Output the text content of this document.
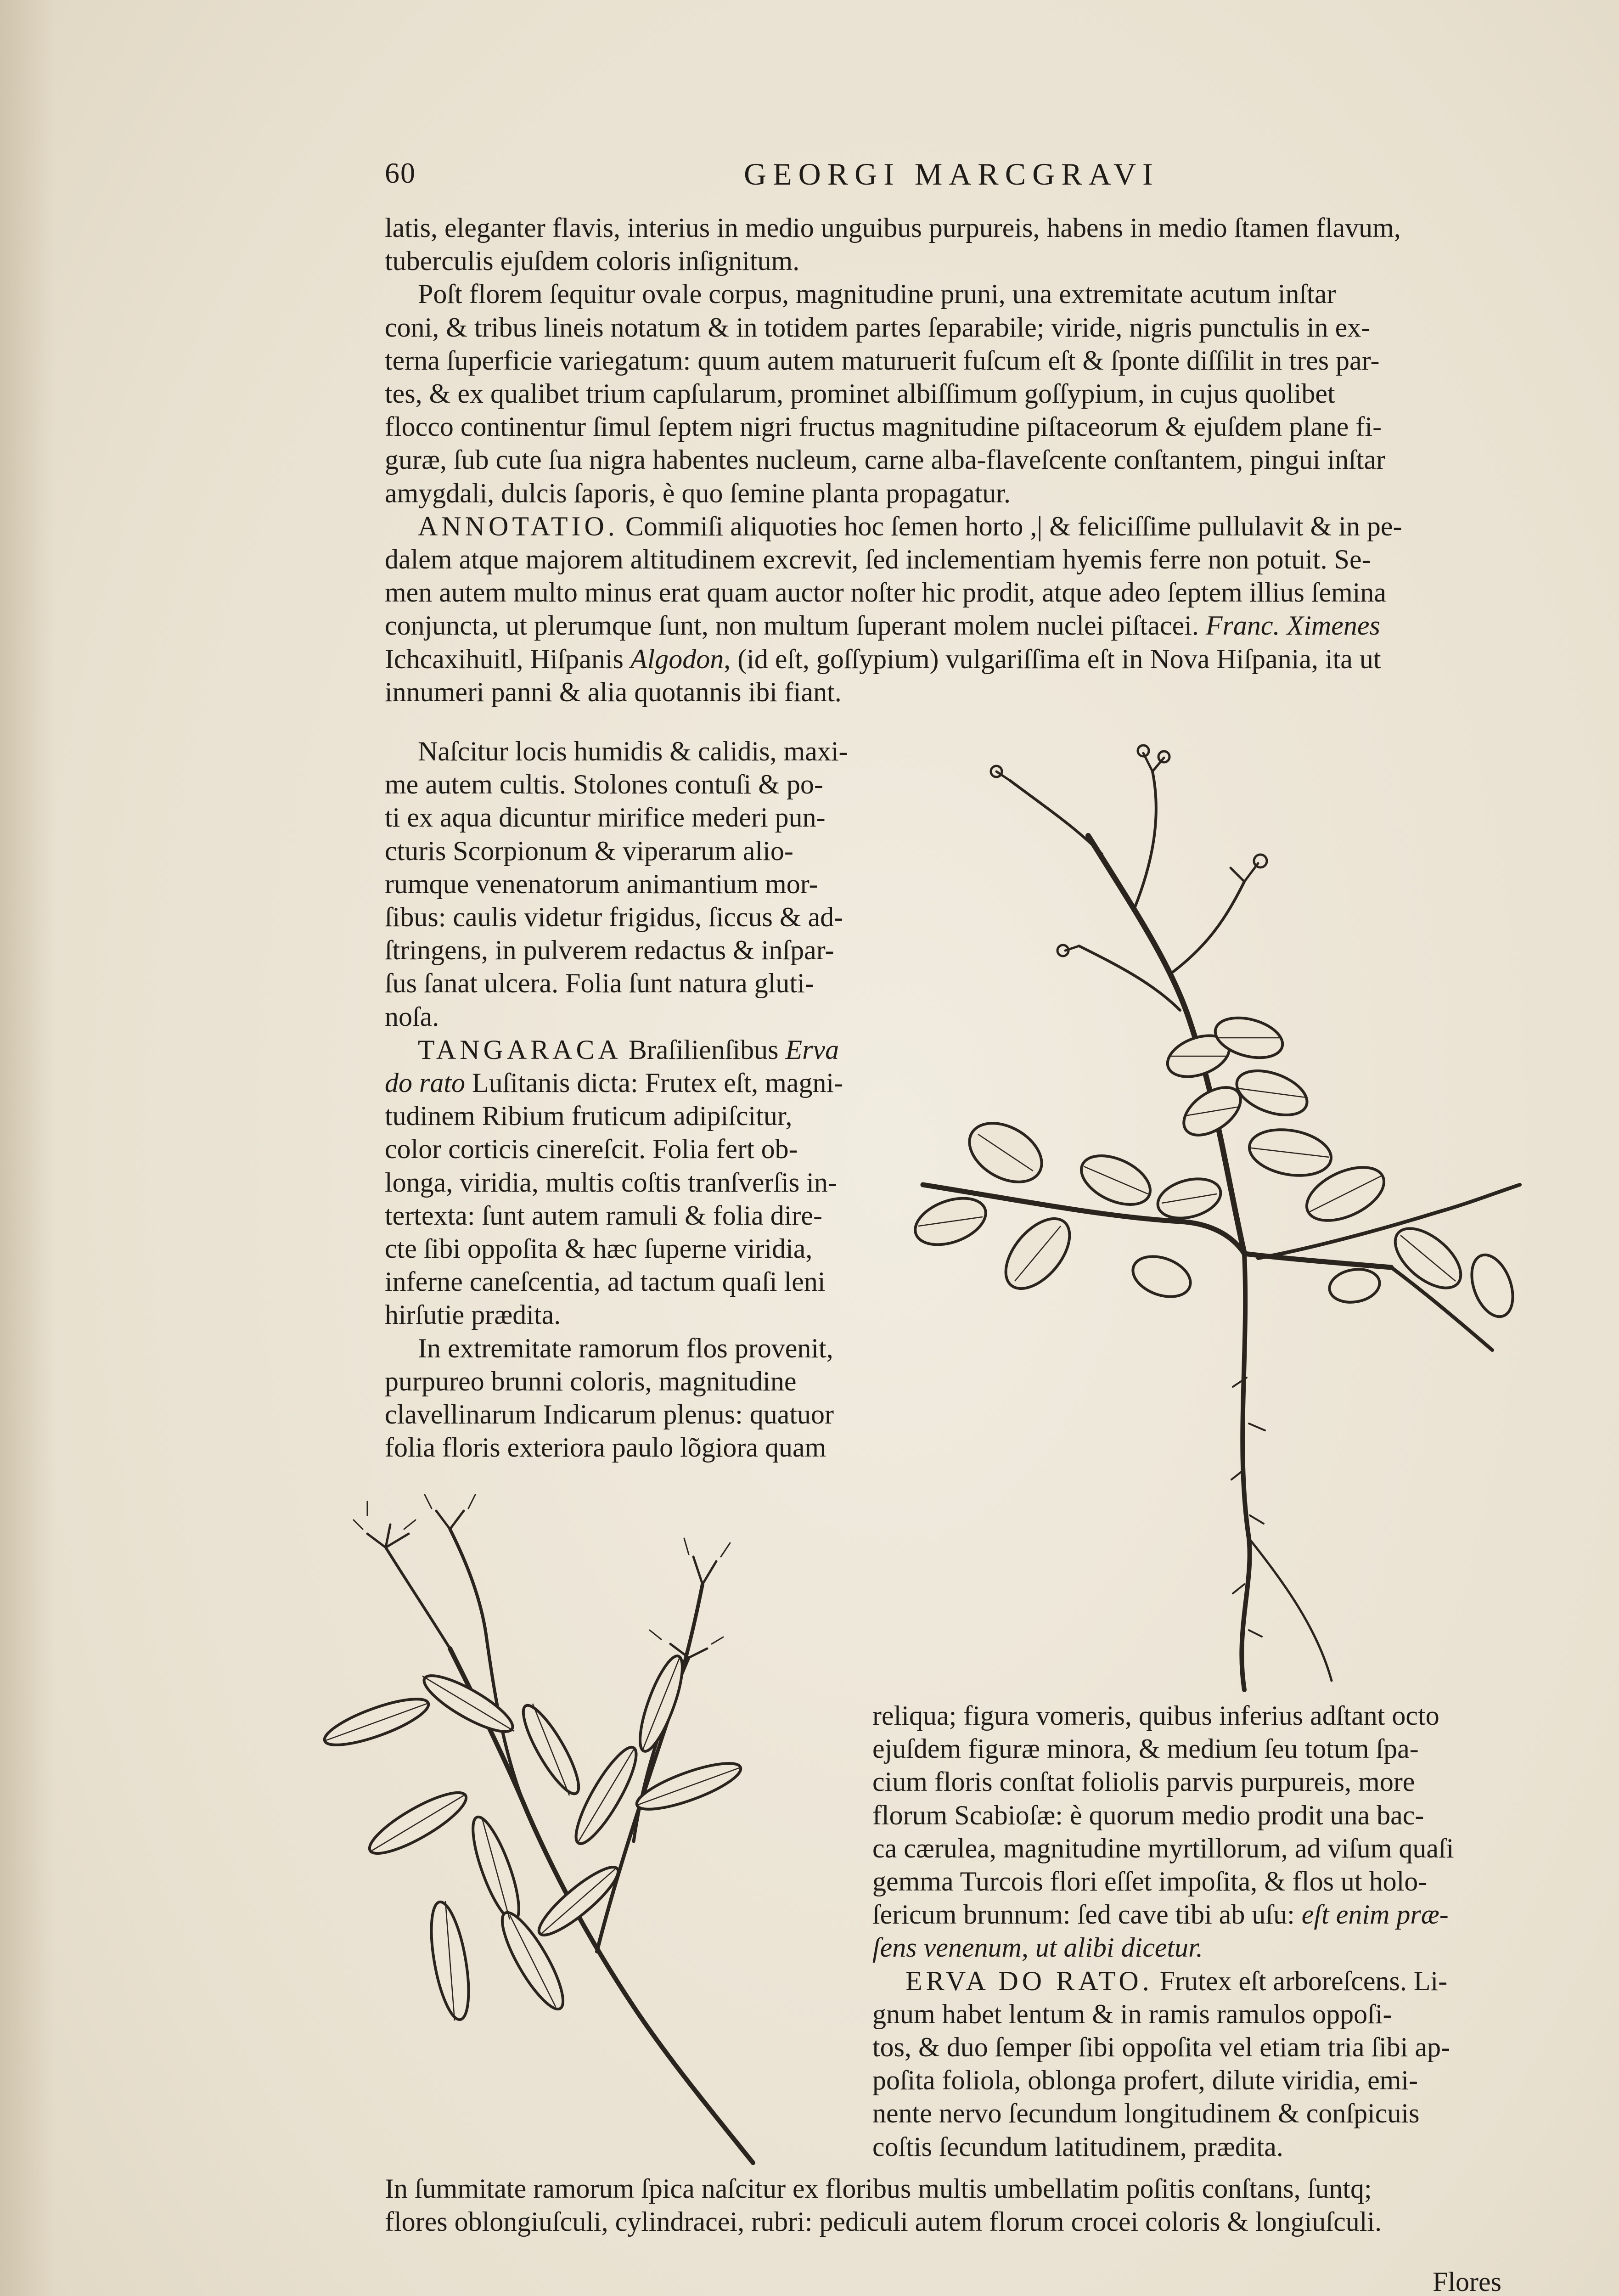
60	GEORGI MARCGRAVI
latis, eleganter flavis, interius in medio unguibus purpureis, habens in medio ſtamen flavum,
tuberculis ejuſdem coloris inſignitum.
Poſt florem ſequitur ovale corpus, magnitudine pruni, una extremitate acutum inſtar
coni, & tribus lineis notatum & in totidem partes ſeparabile; viride, nigris punctulis in ex-
terna ſuperficie variegatum: quum autem maturuerit fuſcum eſt & ſponte diſſilit in tres par-
tes, & ex qualibet trium capſularum, prominet albiſſimum goſſypium, in cujus quolibet
flocco continentur ſimul ſeptem nigri fructus magnitudine piſtaceorum & ejuſdem plane fi-
guræ, ſub cute ſua nigra habentes nucleum, carne alba-flaveſcente conſtantem, pingui inſtar
amygdali, dulcis ſaporis, è quo ſemine planta propagatur.
ANNOTATIO. Commiſi aliquoties hoc ſemen horto ,| & feliciſſime pullulavit & in pe-
dalem atque majorem altitudinem excrevit, ſed inclementiam hyemis ferre non potuit. Se-
men autem multo minus erat quam auctor noſter hic prodit, atque adeo ſeptem illius ſemina
conjuncta, ut plerumque ſunt, non multum ſuperant molem nuclei piſtacei. Franc. Ximenes
Ichcaxihuitl, Hiſpanis Algodon, (id eſt, goſſypium) vulgariſſima eſt in Nova Hiſpania, ita ut
innumeri panni & alia quotannis ibi fiant.
Naſcitur locis humidis & calidis, maxi-
me autem cultis. Stolones contuſi & po-
ti ex aqua dicuntur mirifice mederi pun-
cturis Scorpionum & viperarum alio-
rumque venenatorum animantium mor-
ſibus: caulis videtur frigidus, ſiccus & ad-
ſtringens, in pulverem redactus & inſpar-
ſus ſanat ulcera. Folia ſunt natura gluti-
noſa.
TANGARACA Braſilienſibus Erva
do rato Luſitanis dicta: Frutex eſt, magni-
tudinem Ribium fruticum adipiſcitur,
color corticis cinereſcit. Folia fert ob-
longa, viridia, multis coſtis tranſverſis in-
tertexta: ſunt autem ramuli & folia dire-
cte ſibi oppoſita & hæc ſuperne viridia,
inferne caneſcentia, ad tactum quaſi leni
hirſutie prædita.
In extremitate ramorum flos provenit,
purpureo brunni coloris, magnitudine
clavellinarum Indicarum plenus: quatuor
folia floris exteriora paulo lõgiora quam
reliqua; figura vomeris, quibus inferius adſtant octo
ejuſdem figuræ minora, & medium ſeu totum ſpa-
cium floris conſtat foliolis parvis purpureis, more
florum Scabioſæ: è quorum medio prodit una bac-
ca cærulea, magnitudine myrtillorum, ad viſum quaſi
gemma Turcois flori eſſet impoſita, & flos ut holo-
ſericum brunnum: ſed cave tibi ab uſu: eſt enim præ-
ſens venenum, ut alibi dicetur.
ERVA DO RATO. Frutex eſt arboreſcens. Li-
gnum habet lentum & in ramis ramulos oppoſi-
tos, & duo ſemper ſibi oppoſita vel etiam tria ſibi ap-
poſita foliola, oblonga profert, dilute viridia, emi-
nente nervo ſecundum longitudinem & conſpicuis
coſtis ſecundum latitudinem, prædita.
In ſummitate ramorum ſpica naſcitur ex floribus multis umbellatim poſitis conſtans, ſuntq;
flores oblongiuſculi, cylindracei, rubri: pediculi autem florum crocei coloris & longiuſculi.
Flores
